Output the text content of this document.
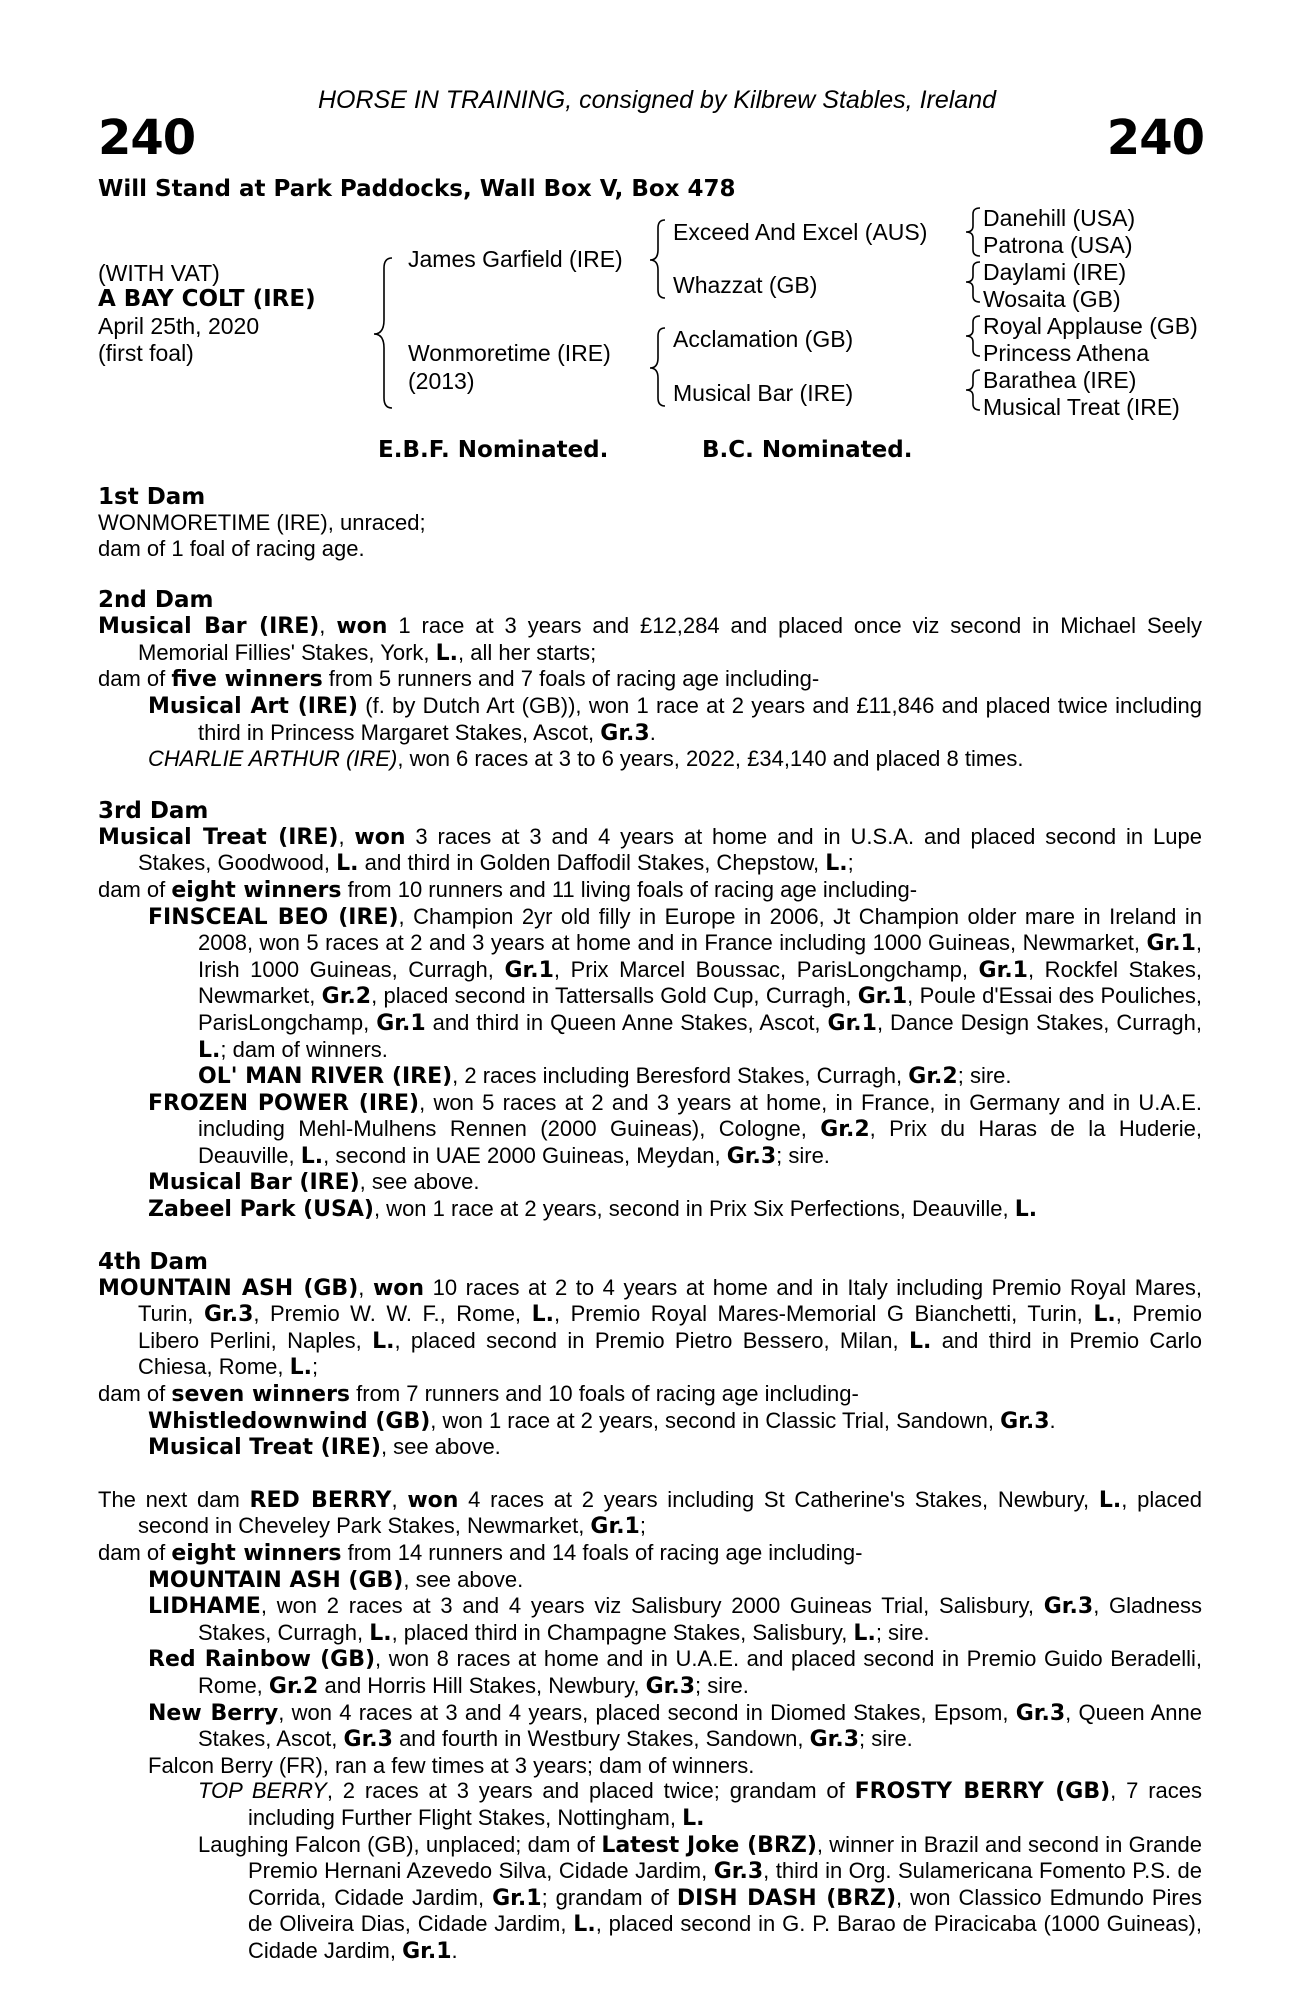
HORSE IN TRAINING, consigned by Kilbrew Stables, Ireland
240	240
Will Stand at Park Paddocks, Wall Box V, Box 478
(WITH VAT)
A BAY COLT (IRE)
April 25th, 2020
(first foal)
James Garfield (IRE)
Wonmoretime (IRE)
(2013)
Exceed And Excel (AUS)
Whazzat (GB)
Acclamation (GB)
Musical Bar (IRE)
Danehill (USA)
Patrona (USA)
Daylami (IRE)
Wosaita (GB)
Royal Applause (GB)
Princess Athena
Barathea (IRE)
Musical Treat (IRE)
E.B.F. Nominated.	B.C. Nominated.
1st Dam
WONMORETIME (IRE), unraced;
dam of 1 foal of racing age.
2nd Dam
Musical Bar (IRE), won 1 race at 3 years and £12,284 and placed once viz second in Michael Seely Memorial Fillies' Stakes, York, L., all her starts;
dam of five winners from 5 runners and 7 foals of racing age including-
Musical Art (IRE) (f. by Dutch Art (GB)), won 1 race at 2 years and £11,846 and placed twice including third in Princess Margaret Stakes, Ascot, Gr.3.
CHARLIE ARTHUR (IRE), won 6 races at 3 to 6 years, 2022, £34,140 and placed 8 times.
3rd Dam
Musical Treat (IRE), won 3 races at 3 and 4 years at home and in U.S.A. and placed second in Lupe Stakes, Goodwood, L. and third in Golden Daffodil Stakes, Chepstow, L.;
dam of eight winners from 10 runners and 11 living foals of racing age including-
FINSCEAL BEO (IRE), Champion 2yr old filly in Europe in 2006, Jt Champion older mare in Ireland in 2008, won 5 races at 2 and 3 years at home and in France including 1000 Guineas, Newmarket, Gr.1, Irish 1000 Guineas, Curragh, Gr.1, Prix Marcel Boussac, ParisLongchamp, Gr.1, Rockfel Stakes, Newmarket, Gr.2, placed second in Tattersalls Gold Cup, Curragh, Gr.1, Poule d'Essai des Pouliches, ParisLongchamp, Gr.1 and third in Queen Anne Stakes, Ascot, Gr.1, Dance Design Stakes, Curragh, L.; dam of winners.
OL' MAN RIVER (IRE), 2 races including Beresford Stakes, Curragh, Gr.2; sire.
FROZEN POWER (IRE), won 5 races at 2 and 3 years at home, in France, in Germany and in U.A.E. including Mehl-Mulhens Rennen (2000 Guineas), Cologne, Gr.2, Prix du Haras de la Huderie, Deauville, L., second in UAE 2000 Guineas, Meydan, Gr.3; sire.
Musical Bar (IRE), see above.
Zabeel Park (USA), won 1 race at 2 years, second in Prix Six Perfections, Deauville, L.
4th Dam
MOUNTAIN ASH (GB), won 10 races at 2 to 4 years at home and in Italy including Premio Royal Mares, Turin, Gr.3, Premio W. W. F., Rome, L., Premio Royal Mares-Memorial G Bianchetti, Turin, L., Premio Libero Perlini, Naples, L., placed second in Premio Pietro Bessero, Milan, L. and third in Premio Carlo Chiesa, Rome, L.;
dam of seven winners from 7 runners and 10 foals of racing age including-
Whistledownwind (GB), won 1 race at 2 years, second in Classic Trial, Sandown, Gr.3.
Musical Treat (IRE), see above.
The next dam RED BERRY, won 4 races at 2 years including St Catherine's Stakes, Newbury, L., placed second in Cheveley Park Stakes, Newmarket, Gr.1;
dam of eight winners from 14 runners and 14 foals of racing age including-
MOUNTAIN ASH (GB), see above.
LIDHAME, won 2 races at 3 and 4 years viz Salisbury 2000 Guineas Trial, Salisbury, Gr.3, Gladness Stakes, Curragh, L., placed third in Champagne Stakes, Salisbury, L.; sire.
Red Rainbow (GB), won 8 races at home and in U.A.E. and placed second in Premio Guido Beradelli, Rome, Gr.2 and Horris Hill Stakes, Newbury, Gr.3; sire.
New Berry, won 4 races at 3 and 4 years, placed second in Diomed Stakes, Epsom, Gr.3, Queen Anne Stakes, Ascot, Gr.3 and fourth in Westbury Stakes, Sandown, Gr.3; sire.
Falcon Berry (FR), ran a few times at 3 years; dam of winners.
TOP BERRY, 2 races at 3 years and placed twice; grandam of FROSTY BERRY (GB), 7 races including Further Flight Stakes, Nottingham, L.
Laughing Falcon (GB), unplaced; dam of Latest Joke (BRZ), winner in Brazil and second in Grande Premio Hernani Azevedo Silva, Cidade Jardim, Gr.3, third in Org. Sulamericana Fomento P.S. de Corrida, Cidade Jardim, Gr.1; grandam of DISH DASH (BRZ), won Classico Edmundo Pires de Oliveira Dias, Cidade Jardim, L., placed second in G. P. Barao de Piracicaba (1000 Guineas), Cidade Jardim, Gr.1.
